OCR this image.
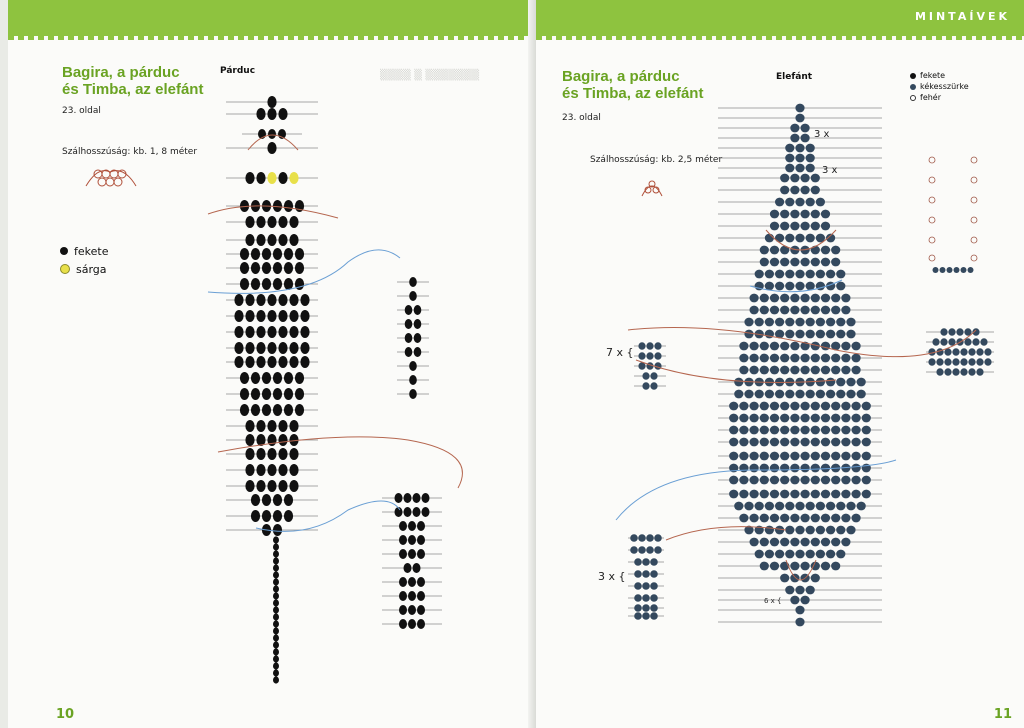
Bagira, a párduc
és Timba, az elefánt
23. oldal
Szálhosszúság: kb. 1, 8 méter
fekete
sárga
Párduc	▒▒▒▒ ▒ ▒▒▒▒▒▒▒
10
MINTAÍVEK
Bagira, a párduc
és Timba, az elefánt
23. oldal
Szálhosszúság: kb. 2,5 méter
Elefánt	fekete
kékesszürke
fehér
3 x
3 x
7 x {
3 x {
6 x {
11
